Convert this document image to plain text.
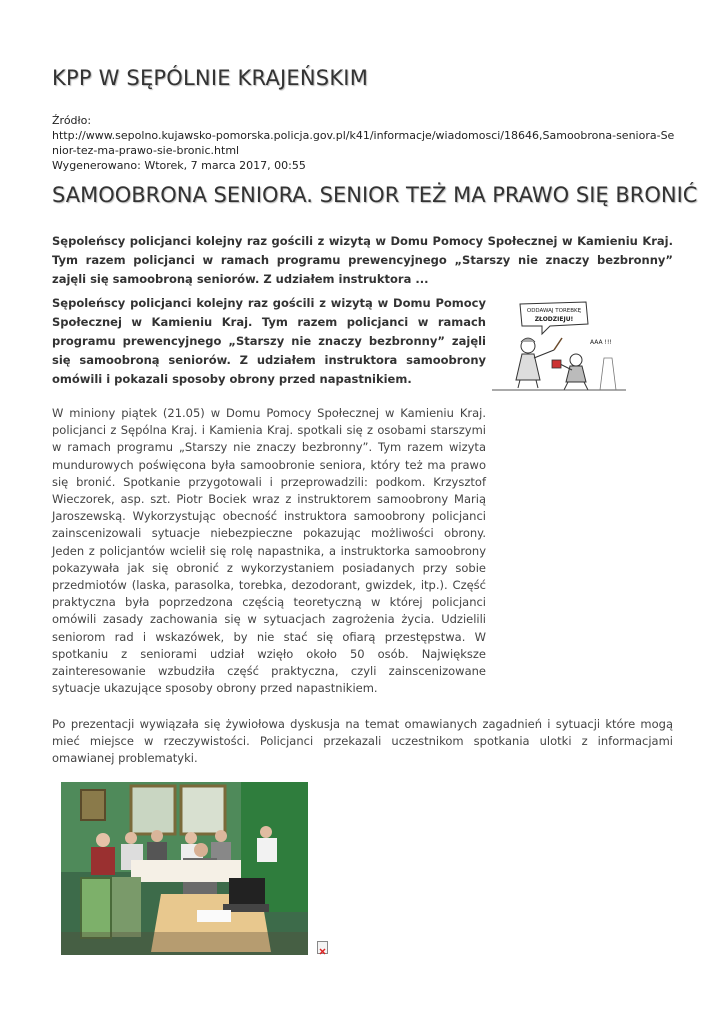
KPP W SĘPÓLNIE KRAJEŃSKIM
Źródło:
http://www.sepolno.kujawsko-pomorska.policja.gov.pl/k41/informacje/wiadomosci/18646,Samoobrona-seniora-Senior-tez-ma-prawo-sie-bronic.html
Wygenerowano: Wtorek, 7 marca 2017, 00:55
SAMOOBRONA SENIORA. SENIOR TEŻ MA PRAWO SIĘ BRONIĆ

Sępoleńscy policjanci kolejny raz gościli z wizytą w Domu Pomocy Społecznej w Kamieniu Kraj. Tym razem policjanci w ramach programu prewencyjnego „Starszy nie znaczy bezbronny” zajęli się samoobroną seniorów. Z udziałem instruktora ...

Sępoleńscy policjanci kolejny raz gościli z wizytą w Domu Pomocy Społecznej w Kamieniu Kraj. Tym razem policjanci w ramach programu prewencyjnego „Starszy nie znaczy bezbronny” zajęli się samoobroną seniorów. Z udziałem instruktora samoobrony omówili i pokazali sposoby obrony przed napastnikiem.

ODDAWAJ TOREBKĘ
ZŁODZIEJU!
AAA !!!

W miniony piątek (21.05) w Domu Pomocy Społecznej w Kamieniu Kraj. policjanci z Sępólna Kraj. i Kamienia Kraj. spotkali się z osobami starszymi w ramach programu „Starszy nie znaczy bezbronny”. Tym razem wizyta mundurowych poświęcona była samoobronie seniora, który też ma prawo się bronić. Spotkanie przygotowali i przeprowadzili: podkom. Krzysztof Wieczorek, asp. szt. Piotr Bociek wraz z instruktorem samoobrony Marią Jaroszewską. Wykorzystując obecność instruktora samoobrony policjanci zainscenizowali sytuacje niebezpieczne pokazując możliwości obrony. Jeden z policjantów wcielił się rolę napastnika, a instruktorka samoobrony pokazywała jak się obronić z wykorzystaniem posiadanych przy sobie przedmiotów (laska, parasolka, torebka, dezodorant, gwizdek, itp.). Część praktyczna była poprzedzona częścią teoretyczną w której policjanci omówili zasady zachowania się w sytuacjach zagrożenia życia. Udzielili seniorom rad i wskazówek, by nie stać się ofiarą przestępstwa. W spotkaniu z seniorami udział wzięło około 50 osób. Największe zainteresowanie wzbudziła część praktyczna, czyli zainscenizowane sytuacje ukazujące sposoby obrony przed napastnikiem.

Po prezentacji wywiązała się żywiołowa dyskusja na temat omawianych zagadnień i sytuacji które mogą mieć miejsce w rzeczywistości. Policjanci przekazali uczestnikom spotkania ulotki z informacjami omawianej problematyki.
